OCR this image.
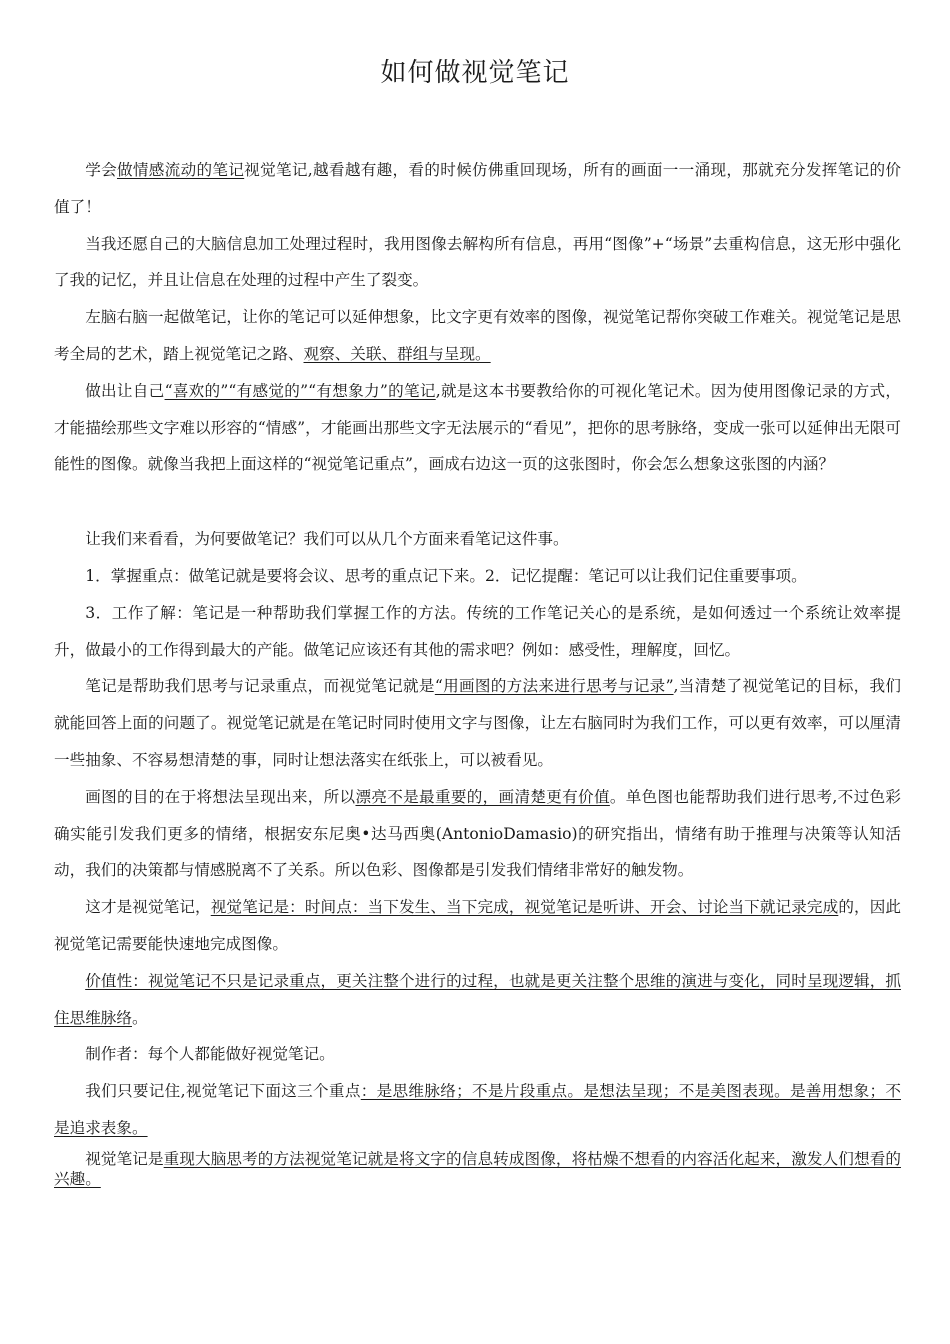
如何做视觉笔记

学会做情感流动的笔记视觉笔记,越看越有趣，看的时候仿佛重回现场，所有的画面一一涌现，那就充分发挥笔记的价值了！

当我还愿自己的大脑信息加工处理过程时，我用图像去解构所有信息，再用“图像”+“场景”去重构信息，这无形中强化了我的记忆，并且让信息在处理的过程中产生了裂变。

左脑右脑一起做笔记，让你的笔记可以延伸想象，比文字更有效率的图像，视觉笔记帮你突破工作难关。视觉笔记是思考全局的艺术，踏上视觉笔记之路、观察、关联、群组与呈现。

做出让自己“喜欢的”“有感觉的”“有想象力”的笔记,就是这本书要教给你的可视化笔记术。因为使用图像记录的方式，才能描绘那些文字难以形容的“情感”，才能画出那些文字无法展示的“看见”，把你的思考脉络，变成一张可以延伸出无限可能性的图像。就像当我把上面这样的“视觉笔记重点”，画成右边这一页的这张图时，你会怎么想象这张图的内涵？

让我们来看看，为何要做笔记？我们可以从几个方面来看笔记这件事。

1．掌握重点：做笔记就是要将会议、思考的重点记下来。2．记忆提醒：笔记可以让我们记住重要事项。

3．工作了解：笔记是一种帮助我们掌握工作的方法。传统的工作笔记关心的是系统，是如何透过一个系统让效率提升，做最小的工作得到最大的产能。做笔记应该还有其他的需求吧？例如：感受性，理解度，回忆。

笔记是帮助我们思考与记录重点，而视觉笔记就是“用画图的方法来进行思考与记录”,当清楚了视觉笔记的目标，我们就能回答上面的问题了。视觉笔记就是在笔记时同时使用文字与图像，让左右脑同时为我们工作，可以更有效率，可以厘清一些抽象、不容易想清楚的事，同时让想法落实在纸张上，可以被看见。

画图的目的在于将想法呈现出来，所以漂亮不是最重要的，画清楚更有价值。单色图也能帮助我们进行思考,不过色彩确实能引发我们更多的情绪，根据安东尼奥•达马西奥(AntonioDamasio)的研究指出，情绪有助于推理与决策等认知活动，我们的决策都与情感脱离不了关系。所以色彩、图像都是引发我们情绪非常好的触发物。

这才是视觉笔记，视觉笔记是：时间点：当下发生、当下完成，视觉笔记是听讲、开会、讨论当下就记录完成的，因此视觉笔记需要能快速地完成图像。

价值性：视觉笔记不只是记录重点，更关注整个进行的过程，也就是更关注整个思维的演进与变化，同时呈现逻辑，抓住思维脉络。

制作者：每个人都能做好视觉笔记。

我们只要记住,视觉笔记下面这三个重点：是思维脉络；不是片段重点。是想法呈现；不是美图表现。是善用想象；不是追求表象。

视觉笔记是重现大脑思考的方法视觉笔记就是将文字的信息转成图像，将枯燥不想看的内容活化起来，激发人们想看的兴趣。
